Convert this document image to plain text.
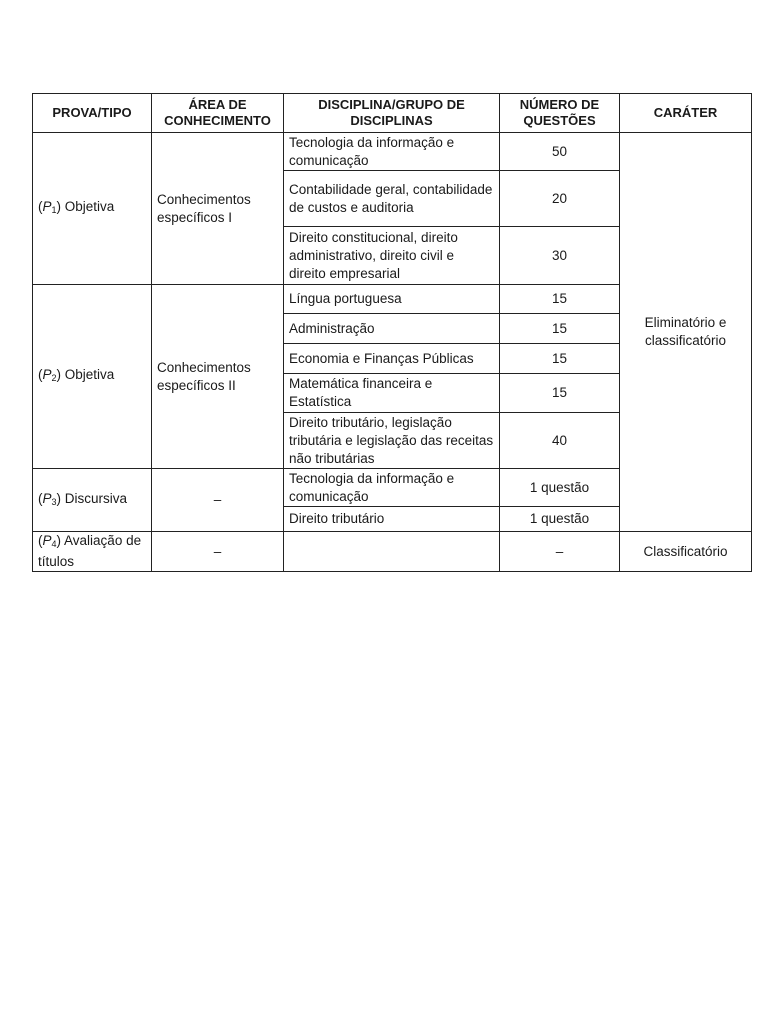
PROVA/TIPO	ÁREA DE CONHECIMENTO	DISCIPLINA/GRUPO DE DISCIPLINAS	NÚMERO DE QUESTÕES	CARÁTER
$(P_1)$ Objetiva	Conhecimentos específicos I	Tecnologia da informação e comunicação	50	Eliminatório e classificatório
		Contabilidade geral, contabilidade de custos e auditoria	20	
		Direito constitucional, direito administrativo, direito civil e direito empresarial	30	
$(P_2)$ Objetiva	Conhecimentos específicos II	Língua portuguesa	15	
		Administração	15	
		Economia e Finanças Públicas	15	
		Matemática financeira e Estatística	15	
		Direito tributário, legislação tributária e legislação das receitas não tributárias	40	
$(P_3)$ Discursiva	–	Tecnologia da informação e comunicação	1 questão	
		Direito tributário	1 questão	
$(P_4)$ Avaliação de títulos	–		–	Classificatório
